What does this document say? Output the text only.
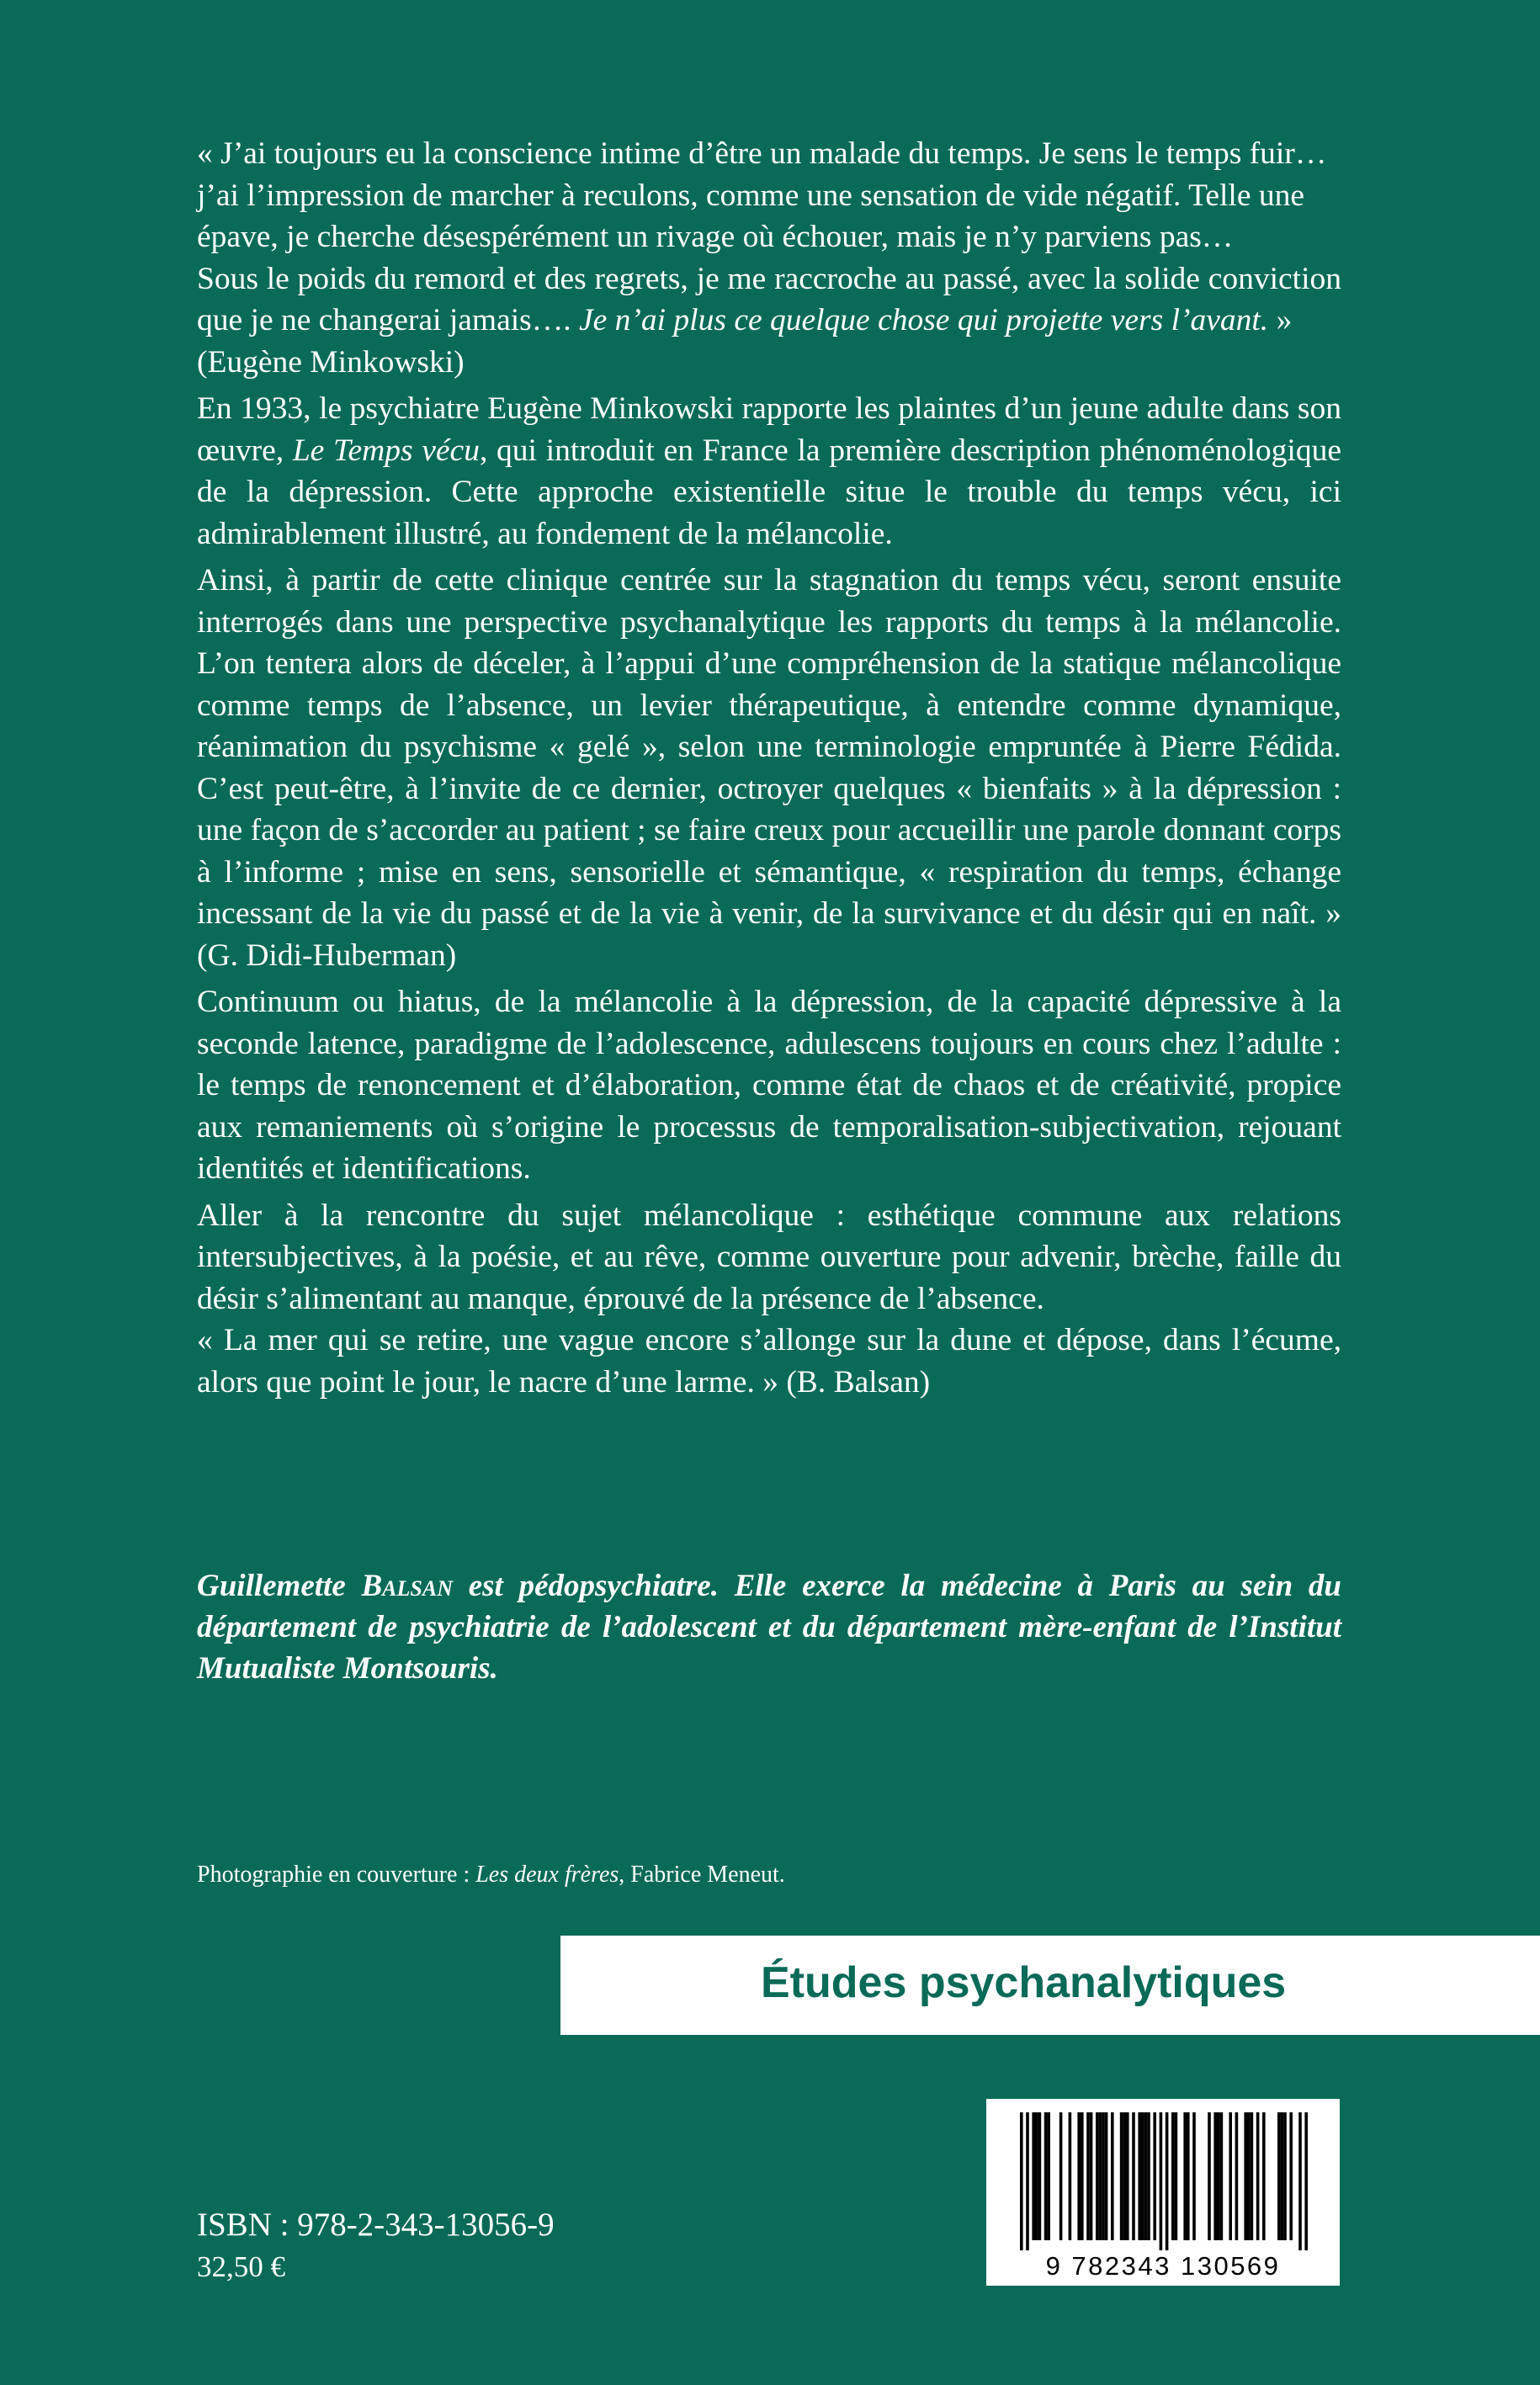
« J’ai toujours eu la conscience intime d’être un malade du temps. Je sens le temps fuir… j’ai l’impression de marcher à reculons, comme une sensation de vide négatif. Telle une épave, je cherche désespérément un rivage où échouer, mais je n’y parviens pas…

Sous le poids du remord et des regrets, je me raccroche au passé, avec la solide conviction que je ne changerai jamais…. Je n’ai plus ce quelque chose qui projette vers l’avant. »

(Eugène Minkowski)

En 1933, le psychiatre Eugène Minkowski rapporte les plaintes d’un jeune adulte dans son œuvre, Le Temps vécu, qui introduit en France la première description phénoménologique de la dépression. Cette approche existentielle situe le trouble du temps vécu, ici admirablement illustré, au fondement de la mélancolie.

Ainsi, à partir de cette clinique centrée sur la stagnation du temps vécu, seront ensuite interrogés dans une perspective psychanalytique les rapports du temps à la mélancolie. L’on tentera alors de déceler, à l’appui d’une compréhension de la statique mélancolique comme temps de l’absence, un levier thérapeutique, à entendre comme dynamique, réanimation du psychisme « gelé », selon une terminologie empruntée à Pierre Fédida. C’est peut-être, à l’invite de ce dernier, octroyer quelques « bienfaits » à la dépression : une façon de s’accorder au patient ; se faire creux pour accueillir une parole donnant corps à l’informe ; mise en sens, sensorielle et sémantique, « respiration du temps, échange incessant de la vie du passé et de la vie à venir, de la survivance et du désir qui en naît. » (G. Didi-Huberman)

Continuum ou hiatus, de la mélancolie à la dépression, de la capacité dépressive à la seconde latence, paradigme de l’adolescence, adulescens toujours en cours chez l’adulte : le temps de renoncement et d’élaboration, comme état de chaos et de créativité, propice aux remaniements où s’origine le processus de temporalisation-subjectivation, rejouant identités et identifications.

Aller à la rencontre du sujet mélancolique : esthétique commune aux relations intersubjectives, à la poésie, et au rêve, comme ouverture pour advenir, brèche, faille du désir s’alimentant au manque, éprouvé de la présence de l’absence.

« La mer qui se retire, une vague encore s’allonge sur la dune et dépose, dans l’écume, alors que point le jour, le nacre d’une larme. » (B. Balsan)

Guillemette Balsan est pédopsychiatre. Elle exerce la médecine à Paris au sein du département de psychiatrie de l’adolescent et du département mère-enfant de l’Institut Mutualiste Montsouris.

Photographie en couverture : Les deux frères, Fabrice Meneut.

Études psychanalytiques

ISBN : 978-2-343-13056-9

32,50 €	9 782343 130569
